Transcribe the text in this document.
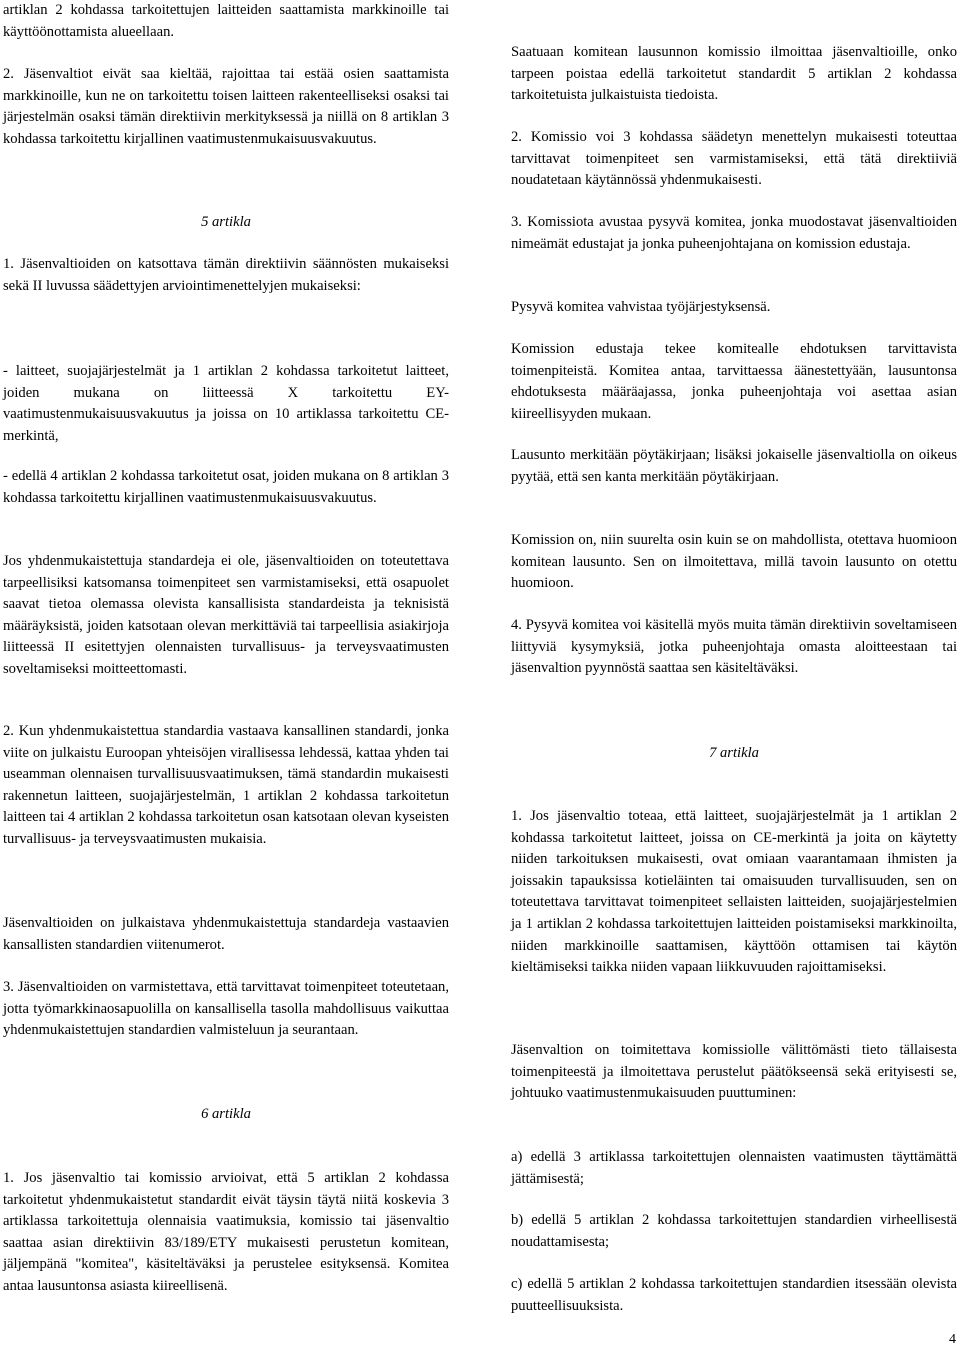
artiklan 2 kohdassa tarkoitettujen laitteiden saattamista markkinoille tai käyttöönottamista alueellaan.

2. Jäsenvaltiot eivät saa kieltää, rajoittaa tai estää osien saattamista markkinoille, kun ne on tarkoitettu toisen laitteen rakenteelliseksi osaksi tai järjestelmän osaksi tämän direktiivin merkityksessä ja niillä on 8 artiklan 3 kohdassa tarkoitettu kirjallinen vaatimustenmukaisuusvakuutus.

5 artikla

1. Jäsenvaltioiden on katsottava tämän direktiivin säännösten mukaiseksi sekä II luvussa säädettyjen arviointimenettelyjen mukaiseksi:

- laitteet, suojajärjestelmät ja 1 artiklan 2 kohdassa tarkoitetut laitteet, joiden mukana on liitteessä X tarkoitettu EY-vaatimustenmukaisuusvakuutus ja joissa on 10 artiklassa tarkoitettu CE-merkintä,

- edellä 4 artiklan 2 kohdassa tarkoitetut osat, joiden mukana on 8 artiklan 3 kohdassa tarkoitettu kirjallinen vaatimustenmukaisuusvakuutus.

Jos yhdenmukaistettuja standardeja ei ole, jäsenvaltioiden on toteutettava tarpeellisiksi katsomansa toimenpiteet sen varmistamiseksi, että osapuolet saavat tietoa olemassa olevista kansallisista standardeista ja teknisistä määräyksistä, joiden katsotaan olevan merkittäviä tai tarpeellisia asiakirjoja liitteessä II esitettyjen olennaisten turvallisuus- ja terveysvaatimusten soveltamiseksi moitteettomasti.

2. Kun yhdenmukaistettua standardia vastaava kansallinen standardi, jonka viite on julkaistu Euroopan yhteisöjen virallisessa lehdessä, kattaa yhden tai useamman olennaisen turvallisuusvaatimuksen, tämä standardin mukaisesti rakennetun laitteen, suojajärjestelmän, 1 artiklan 2 kohdassa tarkoitetun laitteen tai 4 artiklan 2 kohdassa tarkoitetun osan katsotaan olevan kyseisten turvallisuus- ja terveysvaatimusten mukaisia.

Jäsenvaltioiden on julkaistava yhdenmukaistettuja standardeja vastaavien kansallisten standardien viitenumerot.

3. Jäsenvaltioiden on varmistettava, että tarvittavat toimenpiteet toteutetaan, jotta työmarkkinaosapuolilla on kansallisella tasolla mahdollisuus vaikuttaa yhdenmukaistettujen standardien valmisteluun ja seurantaan.

6 artikla

1. Jos jäsenvaltio tai komissio arvioivat, että 5 artiklan 2 kohdassa tarkoitetut yhdenmukaistetut standardit eivät täysin täytä niitä koskevia 3 artiklassa tarkoitettuja olennaisia vaatimuksia, komissio tai jäsenvaltio saattaa asian direktiivin 83/189/ETY mukaisesti perustetun komitean, jäljempänä "komitea", käsiteltäväksi ja perustelee esityksensä. Komitea antaa lausuntonsa asiasta kiireellisenä.

Saatuaan komitean lausunnon komissio ilmoittaa jäsenvaltioille, onko tarpeen poistaa edellä tarkoitetut standardit 5 artiklan 2 kohdassa tarkoitetuista julkaistuista tiedoista.

2. Komissio voi 3 kohdassa säädetyn menettelyn mukaisesti toteuttaa tarvittavat toimenpiteet sen varmistamiseksi, että tätä direktiiviä noudatetaan käytännössä yhdenmukaisesti.

3. Komissiota avustaa pysyvä komitea, jonka muodostavat jäsenvaltioiden nimeämät edustajat ja jonka puheenjohtajana on komission edustaja.

Pysyvä komitea vahvistaa työjärjestyksensä.

Komission edustaja tekee komitealle ehdotuksen tarvittavista toimenpiteistä. Komitea antaa, tarvittaessa äänestettyään, lausuntonsa ehdotuksesta määräajassa, jonka puheenjohtaja voi asettaa asian kiireellisyyden mukaan.

Lausunto merkitään pöytäkirjaan; lisäksi jokaiselle jäsenvaltiolla on oikeus pyytää, että sen kanta merkitään pöytäkirjaan.

Komission on, niin suurelta osin kuin se on mahdollista, otettava huomioon komitean lausunto. Sen on ilmoitettava, millä tavoin lausunto on otettu huomioon.

4. Pysyvä komitea voi käsitellä myös muita tämän direktiivin soveltamiseen liittyviä kysymyksiä, jotka puheenjohtaja omasta aloitteestaan tai jäsenvaltion pyynnöstä saattaa sen käsiteltäväksi.

7 artikla

1. Jos jäsenvaltio toteaa, että laitteet, suojajärjestelmät ja 1 artiklan 2 kohdassa tarkoitetut laitteet, joissa on CE-merkintä ja joita on käytetty niiden tarkoituksen mukaisesti, ovat omiaan vaarantamaan ihmisten ja joissakin tapauksissa kotieläinten tai omaisuuden turvallisuuden, sen on toteutettava tarvittavat toimenpiteet sellaisten laitteiden, suojajärjestelmien ja 1 artiklan 2 kohdassa tarkoitettujen laitteiden poistamiseksi markkinoilta, niiden markkinoille saattamisen, käyttöön ottamisen tai käytön kieltämiseksi taikka niiden vapaan liikkuvuuden rajoittamiseksi.

Jäsenvaltion on toimitettava komissiolle välittömästi tieto tällaisesta toimenpiteestä ja ilmoitettava perustelut päätökseensä sekä erityisesti se, johtuuko vaatimustenmukaisuuden puuttuminen:

a) edellä 3 artiklassa tarkoitettujen olennaisten vaatimusten täyttämättä jättämisestä;

b) edellä 5 artiklan 2 kohdassa tarkoitettujen standardien virheellisestä noudattamisesta;

c) edellä 5 artiklan 2 kohdassa tarkoitettujen standardien itsessään olevista puutteellisuuksista.

4
